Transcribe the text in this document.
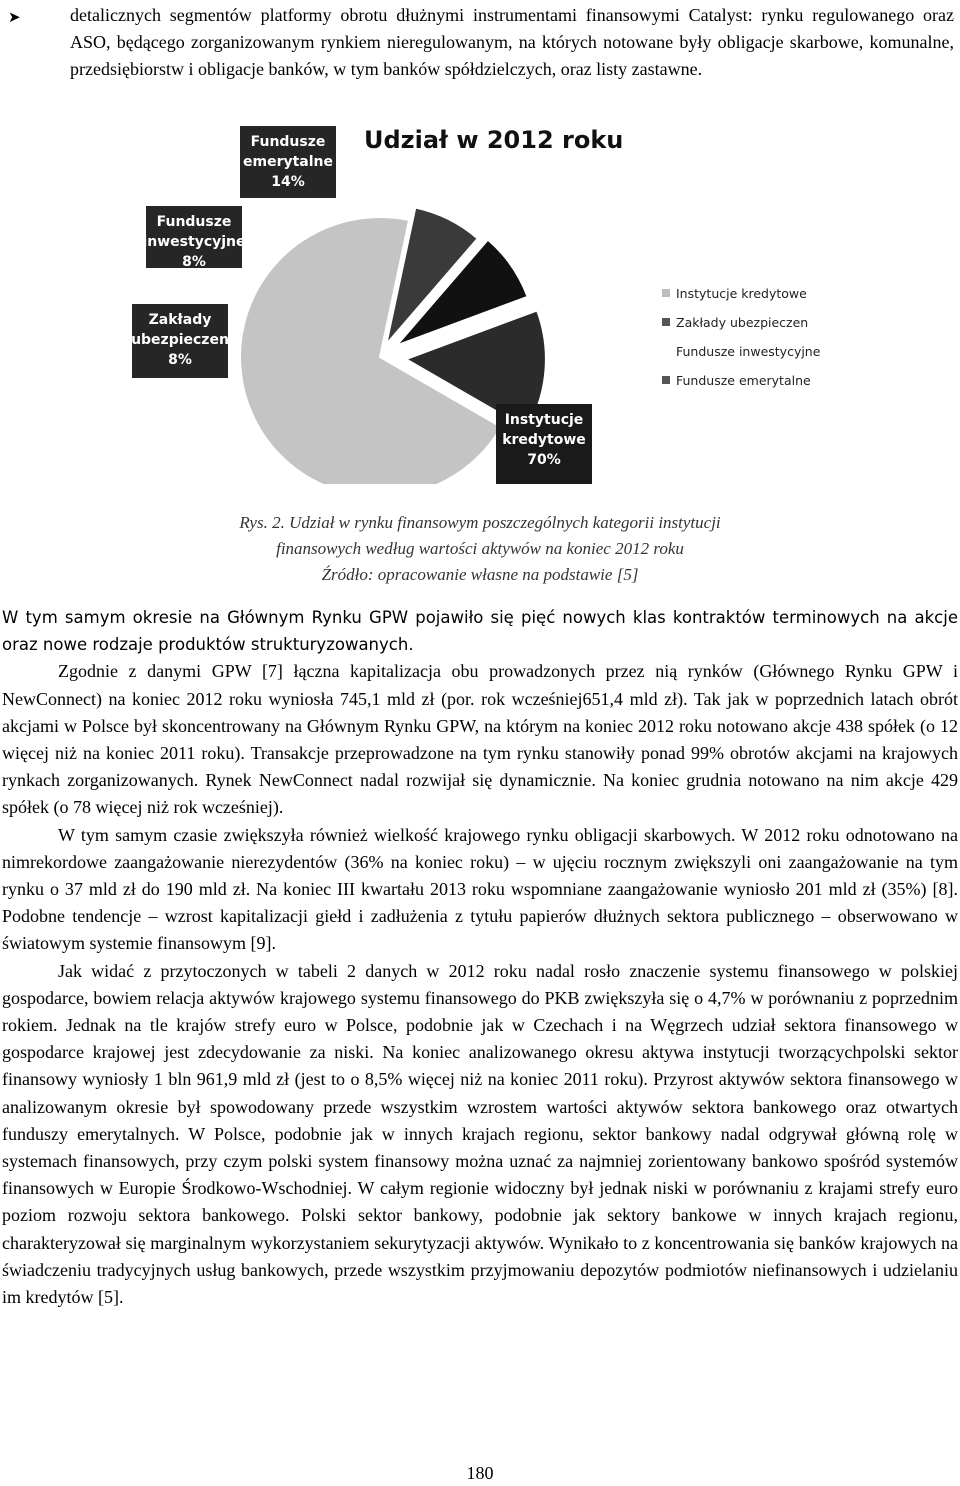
➤	detalicznych segmentów platformy obrotu dłużnymi instrumentami finansowymi Catalyst: rynku regulowanego oraz ASO, będącego zorganizowanym rynkiem nieregulowanym, na których notowane były obligacje skarbowe, komunalne, przedsiębiorstw i obligacje banków, w tym banków spółdzielczych, oraz listy zastawne.
Udział w 2012 roku
Instytucje
kredytowe
70%
Zakłady
ubezpieczen
8%
Fundusze
inwestycyjne
8%
Fundusze
emerytalne
14%
Instytucje kredytowe
Zakłady ubezpieczen
Fundusze inwestycyjne
Fundusze emerytalne
Rys. 2. Udział w rynku finansowym poszczególnych kategorii instytucji
finansowych według wartości aktywów na koniec 2012 roku
Źródło: opracowanie własne na podstawie [5]

W tym samym okresie na Głównym Rynku GPW pojawiło się pięć nowych klas kontraktów terminowych na akcje oraz nowe rodzaje produktów strukturyzowanych.

Zgodnie z danymi GPW [7] łączna kapitalizacja obu prowadzonych przez nią rynków (Głównego Rynku GPW i NewConnect) na koniec 2012 roku wyniosła 745,1 mld zł (por. rok wcześniej651,4 mld zł). Tak jak w poprzednich latach obrót akcjami w Polsce był skoncentrowany na Głównym Rynku GPW, na którym na koniec 2012 roku notowano akcje 438 spółek (o 12 więcej niż na koniec 2011 roku). Transakcje przeprowadzone na tym rynku stanowiły ponad 99% obrotów akcjami na krajowych rynkach zorganizowanych. Rynek NewConnect nadal rozwijał się dynamicznie. Na koniec grudnia notowano na nim akcje 429 spółek (o 78 więcej niż rok wcześniej).

W tym samym czasie zwiększyła również wielkość krajowego rynku obligacji skarbowych. W 2012 roku odnotowano na nimrekordowe zaangażowanie nierezydentów (36% na koniec roku) – w ujęciu rocznym zwiększyli oni zaangażowanie na tym rynku o 37 mld zł do 190 mld zł. Na koniec III kwartału 2013 roku wspomniane zaangażowanie wyniosło 201 mld zł (35%) [8]. Podobne tendencje – wzrost kapitalizacji giełd i zadłużenia z tytułu papierów dłużnych sektora publicznego – obserwowano w światowym systemie finansowym [9].

Jak widać z przytoczonych w tabeli 2 danych w 2012 roku nadal rosło znaczenie systemu finansowego w polskiej gospodarce, bowiem relacja aktywów krajowego systemu finansowego do PKB zwiększyła się o 4,7% w porównaniu z poprzednim rokiem. Jednak na tle krajów strefy euro w Polsce, podobnie jak w Czechach i na Węgrzech udział sektora finansowego w gospodarce krajowej jest zdecydowanie za niski. Na koniec analizowanego okresu aktywa instytucji tworzącychpolski sektor finansowy wyniosły 1 bln 961,9 mld zł (jest to o 8,5% więcej niż na koniec 2011 roku). Przyrost aktywów sektora finansowego w analizowanym okresie był spowodowany przede wszystkim wzrostem wartości aktywów sektora bankowego oraz otwartych funduszy emerytalnych. W Polsce, podobnie jak w innych krajach regionu, sektor bankowy nadal odgrywał główną rolę w systemach finansowych, przy czym polski system finansowy można uznać za najmniej zorientowany bankowo spośród systemów finansowych w Europie Środkowo-Wschodniej. W całym regionie widoczny był jednak niski w porównaniu z krajami strefy euro poziom rozwoju sektora bankowego. Polski sektor bankowy, podobnie jak sektory bankowe w innych krajach regionu, charakteryzował się marginalnym wykorzystaniem sekurytyzacji aktywów. Wynikało to z koncentrowania się banków krajowych na świadczeniu tradycyjnych usług bankowych, przede wszystkim przyjmowaniu depozytów podmiotów niefinansowych i udzielaniu im kredytów [5].

180
